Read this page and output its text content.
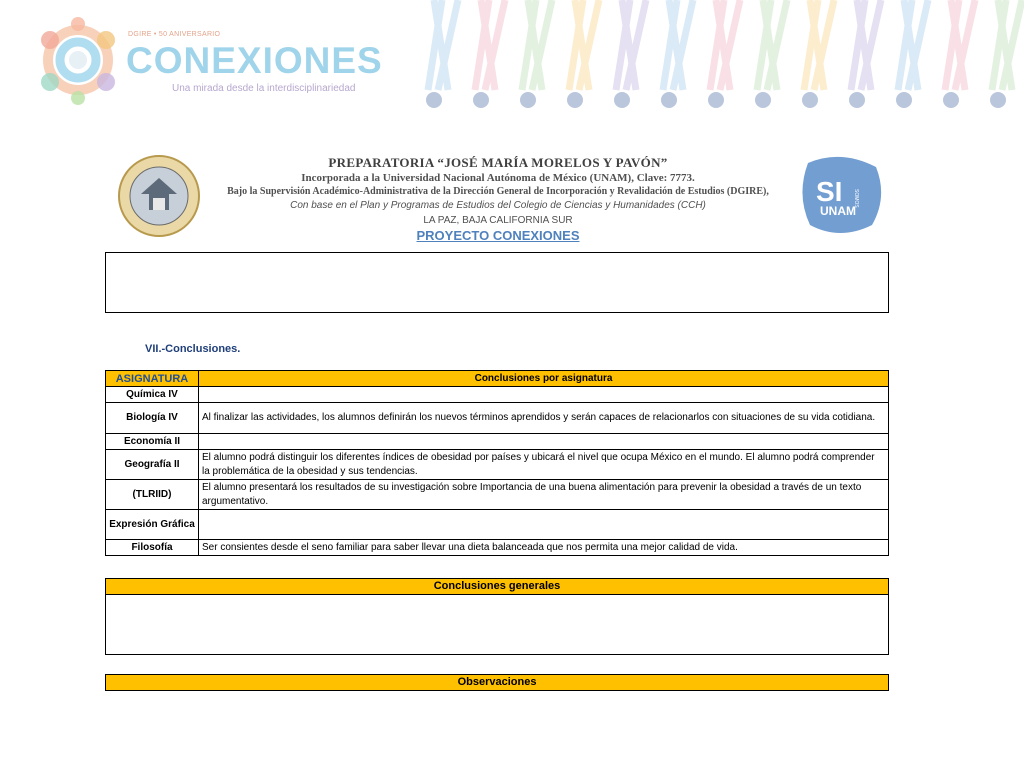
DGIRE • 50 ANIVERSARIO
CONEXIONES
Una mirada desde la interdisciplinariedad
PREPARATORIA “JOSÉ MARÍA MORELOS Y PAVÓN”
Incorporada a la Universidad Nacional Autónoma de México (UNAM), Clave: 7773.
Bajo la Supervisión Académico-Administrativa de la Dirección General de Incorporación y Revalidación de Estudios (DGIRE),
Con base en el Plan y Programas de Estudios del Colegio de Ciencias y Humanidades (CCH)
LA PAZ, BAJA CALIFORNIA SUR
PROYECTO CONEXIONES
SI SOMOS
UNAM
VII.-Conclusiones.
ASIGNATURA	Conclusiones por asignatura
Química IV	
Biología IV	Al finalizar las actividades, los alumnos definirán los nuevos términos aprendidos y serán capaces de relacionarlos con situaciones de su vida cotidiana.
Economía II	
Geografía II	El alumno podrá distinguir los diferentes índices de obesidad por países y ubicará el nivel que ocupa México en el mundo. El alumno podrá comprender la problemática de la obesidad y sus tendencias.
(TLRIID)	El alumno presentará los resultados de su investigación sobre Importancia de una buena alimentación para prevenir la obesidad a través de un texto argumentativo.
Expresión Gráfica	
Filosofía	Ser consientes desde el seno familiar para saber llevar una dieta balanceada que nos permita una mejor calidad de vida.
Conclusiones generales
Observaciones
